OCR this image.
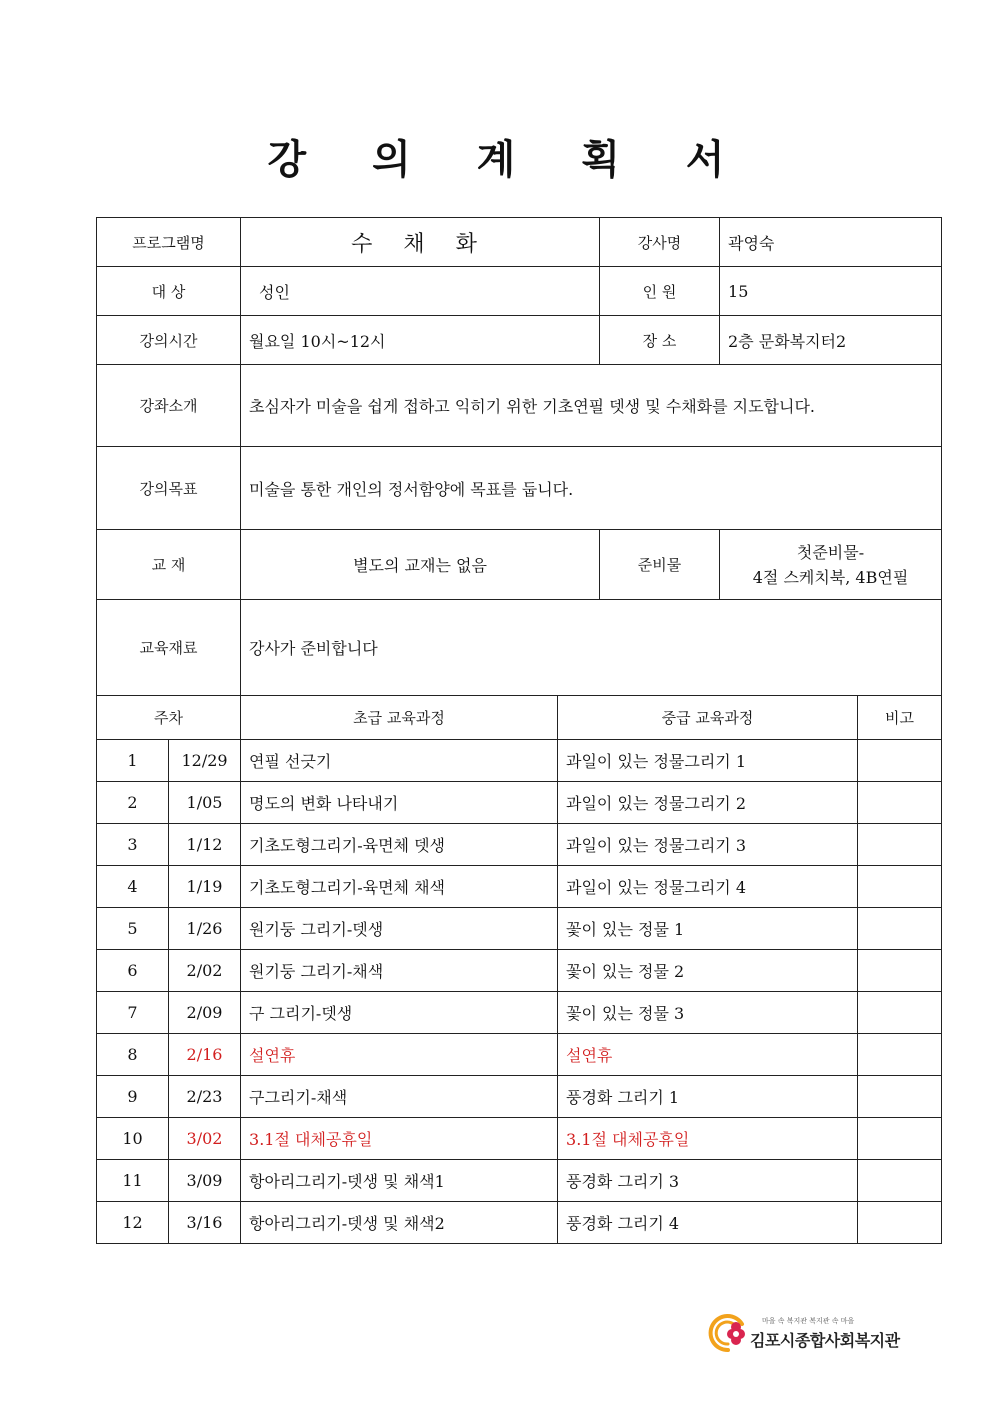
강 의 계 획 서
프로그램명		수 채 화		강사명	곽영숙	
대 상		성인		인 원	15	
강의시간		월요일 10시~12시		장 소	2층 문화복지터2	
강좌소개		초심자가 미술을 쉽게 접하고 익히기 위한 기초연필 뎃생 및 수채화를 지도합니다.				
강의목표		미술을 통한 개인의 정서함양에 목표를 둡니다.				
교 재		별도의 교재는 없음		준비물	첫준비물-
4절 스케치북, 4B연필	

교육재료		강사가 준비합니다				
주차		초급 교육과정	중급 교육과정			비고
1	12/29	연필 선긋기	과일이 있는 정물그리기 1			
2	1/05	명도의 변화 나타내기	과일이 있는 정물그리기 2			
3	1/12	기초도형그리기-육면체 뎃생	과일이 있는 정물그리기 3			
4	1/19	기초도형그리기-육면체 채색	과일이 있는 정물그리기 4			
5	1/26	원기둥 그리기-뎃생	꽃이 있는 정물 1			
6	2/02	원기둥 그리기-채색	꽃이 있는 정물 2			
7	2/09	구 그리기-뎃생	꽃이 있는 정물 3			
8	2/16	설연휴	설연휴			
9	2/23	구그리기-채색	풍경화 그리기 1			
10	3/02	3.1절 대체공휴일	3.1절 대체공휴일			
11	3/09	항아리그리기-뎃생 및 채색1	풍경화 그리기 3			
12	3/16	항아리그리기-뎃생 및 채색2	풍경화 그리기 4			
마을 속 복지관 복지관 속 마을
김포시종합사회복지관
